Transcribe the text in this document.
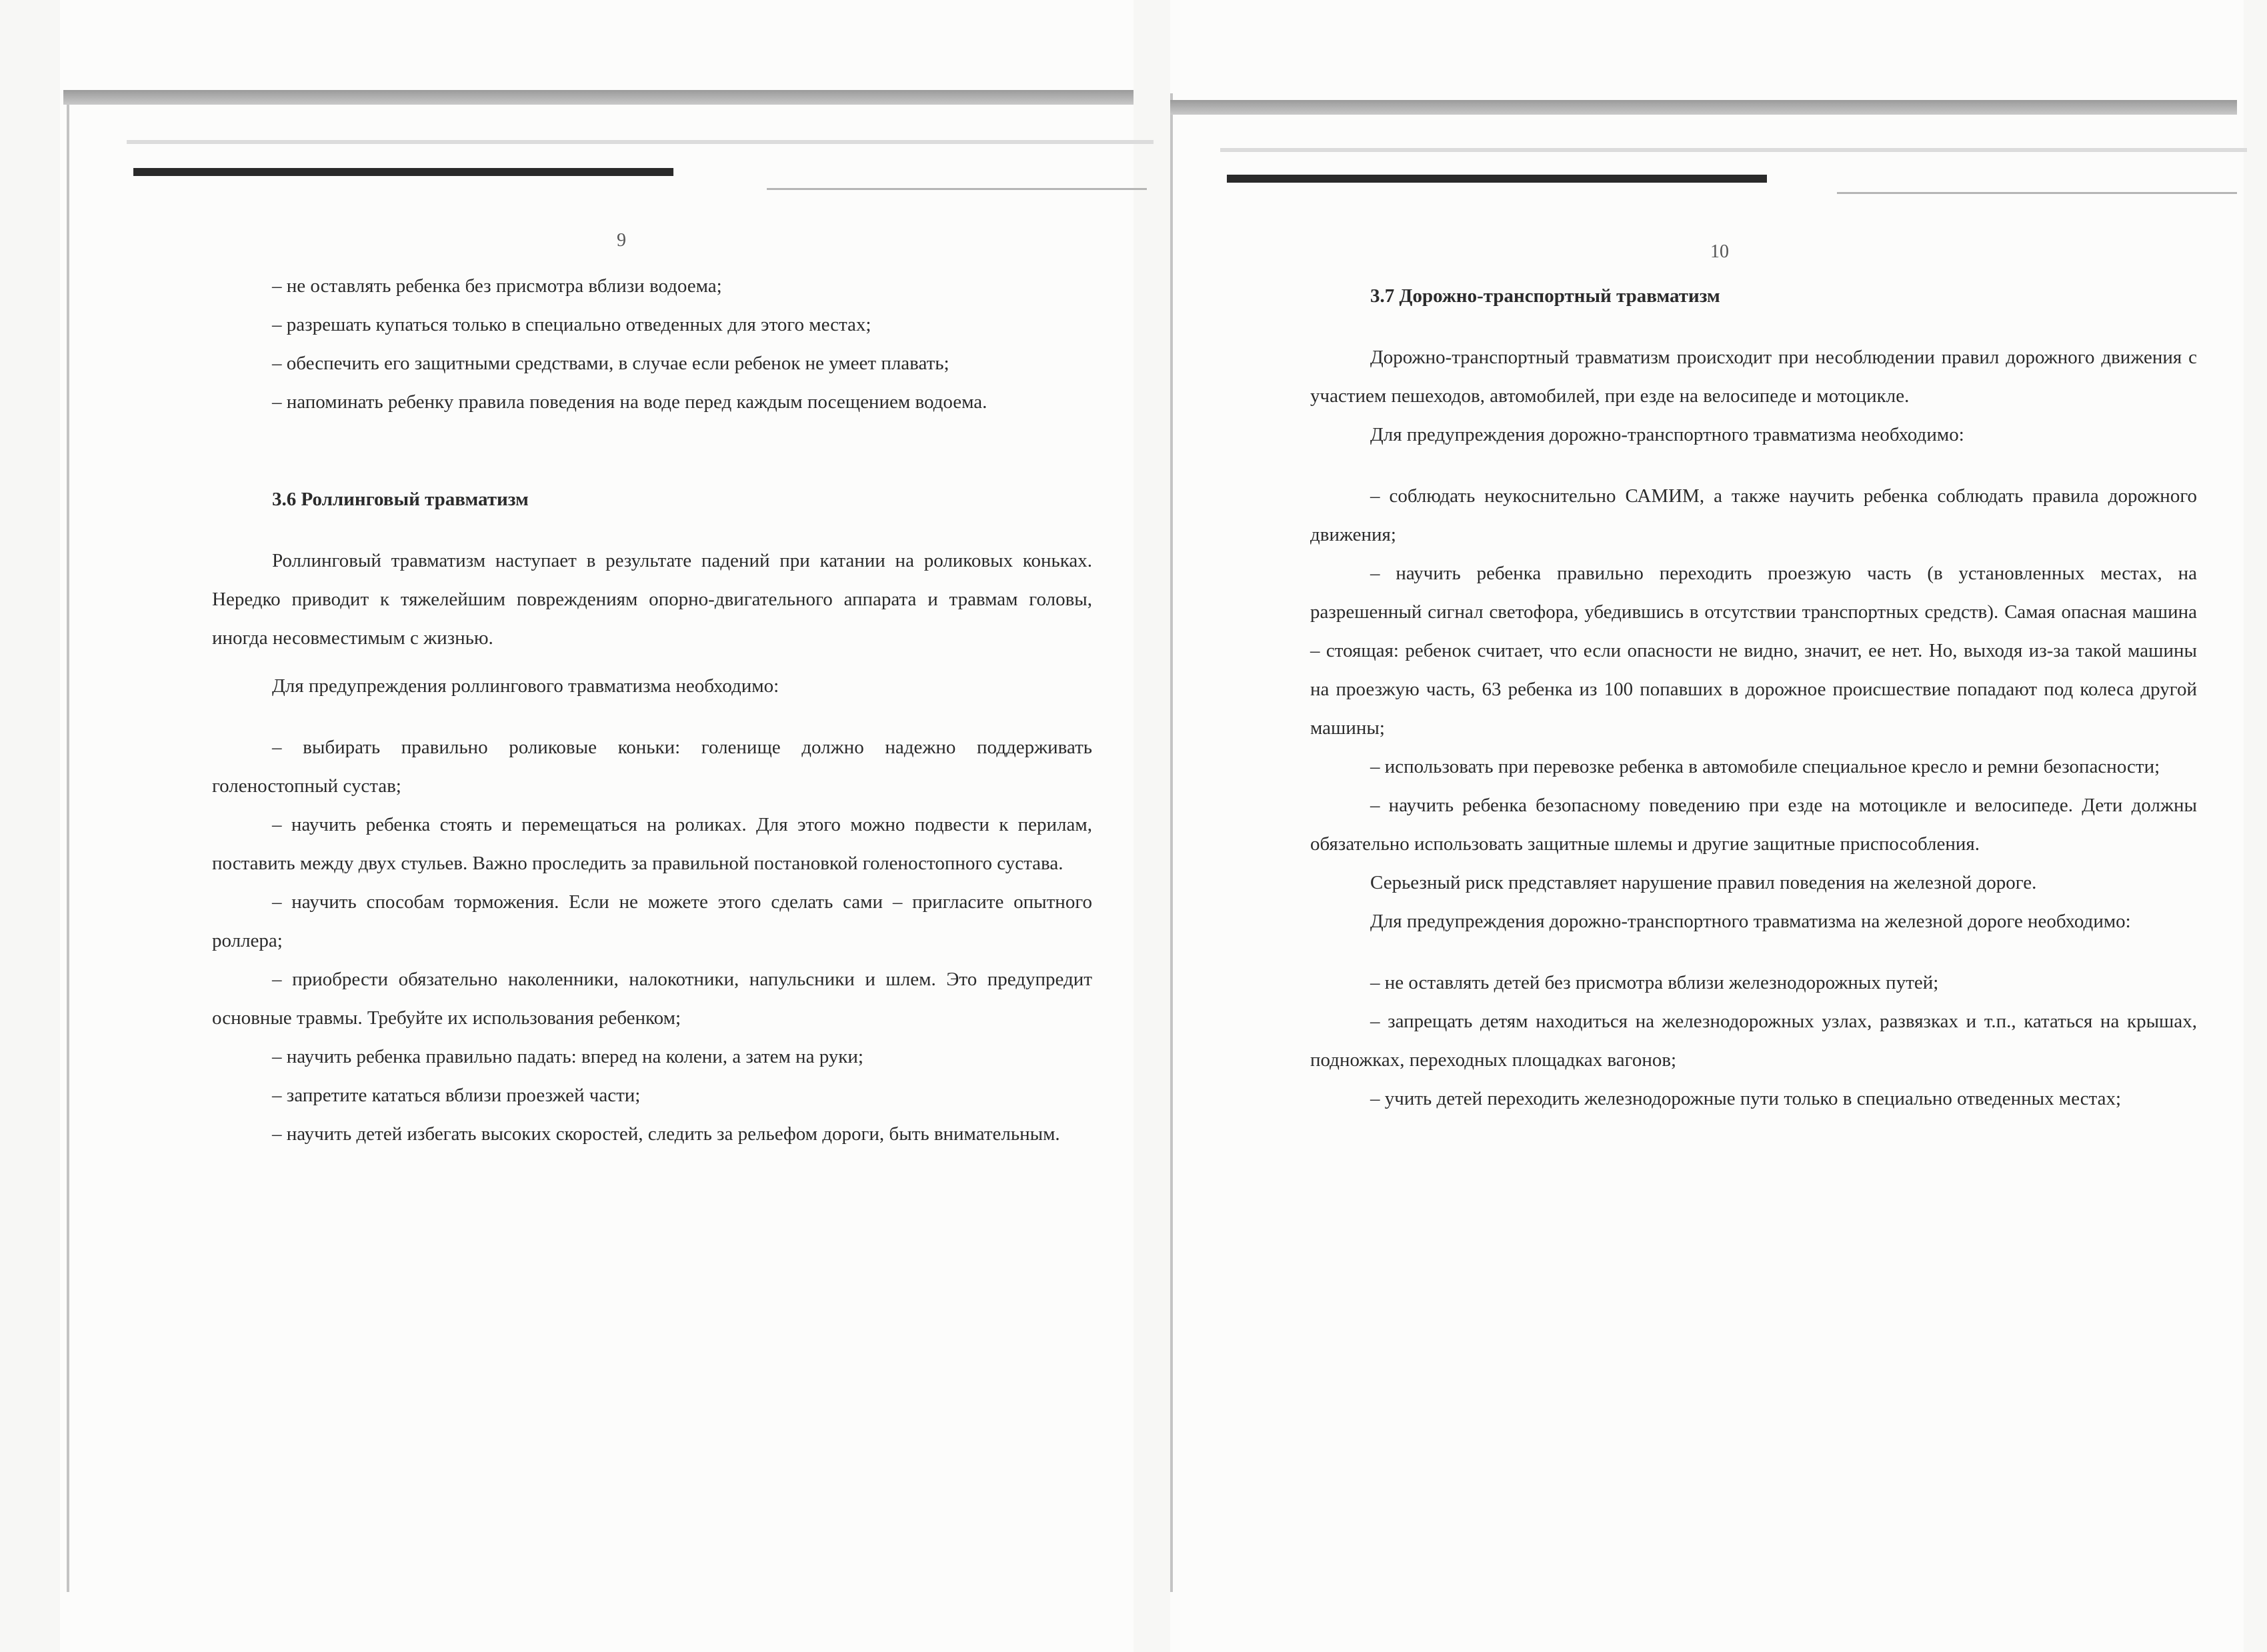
9

– не оставлять ребенка без присмотра вблизи водоема;

– разрешать купаться только в специально отведенных для этого местах;

– обеспечить его защитными средствами, в случае если ребенок не умеет плавать;

– напоминать ребенку правила поведения на воде перед каждым посещением водоема.

3.6 Роллинговый травматизм

Роллинговый травматизм наступает в результате падений при катании на роликовых коньках. Нередко приводит к тяжелейшим повреждениям опорно-двигательного аппарата и травмам головы, иногда несовместимым с жизнью.

Для предупреждения роллингового травматизма необходимо:

– выбирать правильно роликовые коньки: голенище должно надежно поддерживать голеностопный сустав;

– научить ребенка стоять и перемещаться на роликах. Для этого можно подвести к перилам, поставить между двух стульев. Важно проследить за правильной постановкой голеностопного сустава.

– научить способам торможения. Если не можете этого сделать сами – пригласите опытного роллера;

– приобрести обязательно наколенники, налокотники, напульсники и шлем. Это предупредит основные травмы. Требуйте их использования ребенком;

– научить ребенка правильно падать: вперед на колени, а затем на руки;

– запретите кататься вблизи проезжей части;

– научить детей избегать высоких скоростей, следить за рельефом дороги, быть внимательным.

10

3.7 Дорожно-транспортный травматизм

Дорожно-транспортный травматизм происходит при несоблюдении правил дорожного движения с участием пешеходов, автомобилей, при езде на велосипеде и мотоцикле.

Для предупреждения дорожно-транспортного травматизма необходимо:

– соблюдать неукоснительно САМИМ, а также научить ребенка соблюдать правила дорожного движения;

– научить ребенка правильно переходить проезжую часть (в установленных местах, на разрешенный сигнал светофора, убедившись в отсутствии транспортных средств). Самая опасная машина – стоящая: ребенок считает, что если опасности не видно, значит, ее нет. Но, выходя из-за такой машины на проезжую часть, 63 ребенка из 100 попавших в дорожное происшествие попадают под колеса другой машины;

– использовать при перевозке ребенка в автомобиле специальное кресло и ремни безопасности;

– научить ребенка безопасному поведению при езде на мотоцикле и велосипеде. Дети должны обязательно использовать защитные шлемы и другие защитные приспособления.

Серьезный риск представляет нарушение правил поведения на железной дороге.

Для предупреждения дорожно-транспортного травматизма на железной дороге необходимо:

– не оставлять детей без присмотра вблизи железнодорожных путей;

– запрещать детям находиться на железнодорожных узлах, развязках и т.п., кататься на крышах, подножках, переходных площадках вагонов;

– учить детей переходить железнодорожные пути только в специально отведенных местах;
